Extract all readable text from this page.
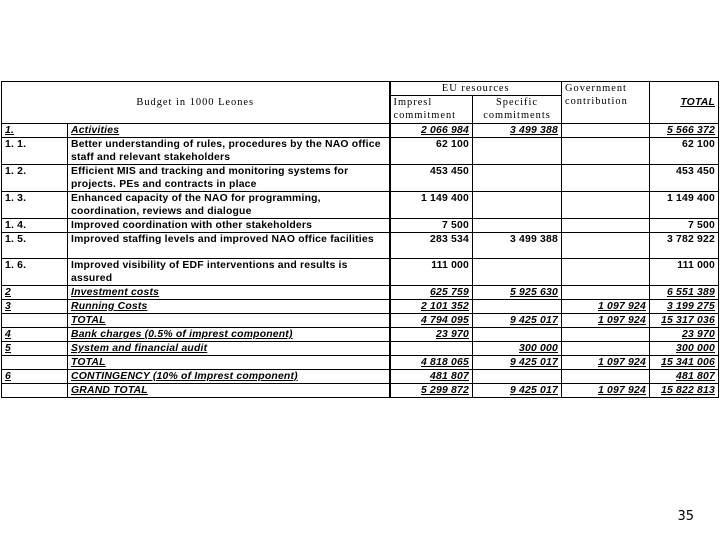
Budget in 1000 Leones		EU resources		Government contribution	TOTAL
		Impresl commitment	Specific commitments		
1.	Activities	2 066 984	3 499 388		5 566 372
1. 1.	Better understanding of rules, procedures by the NAO office staff and relevant stakeholders	62 100			62 100
1. 2.	Efficient MIS and tracking and monitoring systems for projects. PEs and contracts in place	453 450			453 450
1. 3.	Enhanced capacity of the NAO for programming, coordination, reviews and dialogue	1 149 400			1 149 400
1. 4.	Improved coordination with other stakeholders	7 500			7 500
1. 5.	Improved staffing levels and improved NAO office facilities	283 534	3 499 388		3 782 922
1. 6.	Improved visibility of EDF interventions and results is assured	111 000			111 000
2	Investment costs	625 759	5 925 630		6 551 389
3	Running Costs	2 101 352		1 097 924	3 199 275
	TOTAL	4 794 095	9 425 017	1 097 924	15 317 036
4	Bank charges (0.5% of imprest component)	23 970			23 970
5	System and financial audit		300 000		300 000
	TOTAL	4 818 065	9 425 017	1 097 924	15 341 006
6	CONTINGENCY (10% of Imprest component)	481 807			481 807
	GRAND TOTAL	5 299 872	9 425 017	1 097 924	15 822 813
35
